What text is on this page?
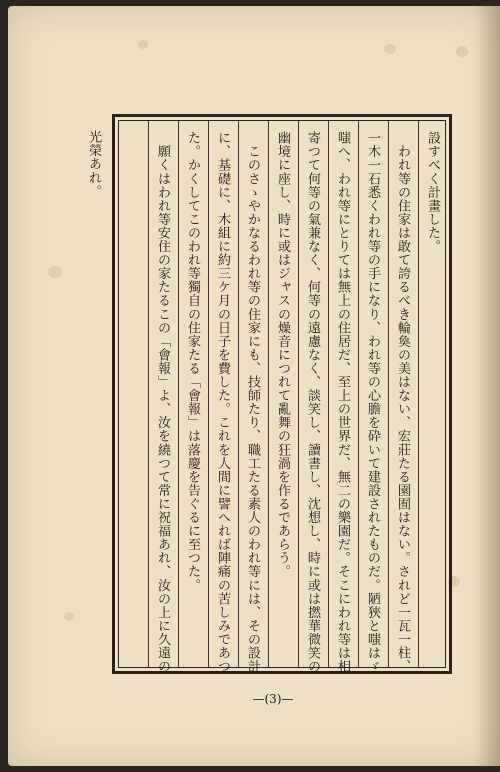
設すべく計畫した。
　われ等の住家は敢て誇るべき輪奐の美はない、宏莊たる園囿はない。されど一瓦一柱、
一木一石悉くわれ等の手になり、われ等の心膽を砕いて建設されたものだ。陋狹と嗤はゞ
嗤へ、われ等にとりては無上の住居だ、至上の世界だ、無二の樂園だ。そこにわれ等は相
寄つて何等の氣兼なく、何等の遠慮なく、談笑し、讀書し、沈想し、時に或は撚華微笑の
幽境に座し、時に或はジャスの燥音につれて亂舞の狂渦を作るであらう。
　このさゝやかなるわれ等の住家にも、技師たり、職工たる素人のわれ等には、その設計
に、基礎に、木組に約三ケ月の日子を費した。これを人間に譬へれば陣痛の苦しみであつ
た。かくしてこのわれ等獨自の住家たる「會報」は落慶を告ぐるに至つた。
　願くはわれ等安住の家たるこの「會報」よ、汝を繞つて常に祝福あれ、汝の上に久遠の
光榮あれ。
—(3)—
